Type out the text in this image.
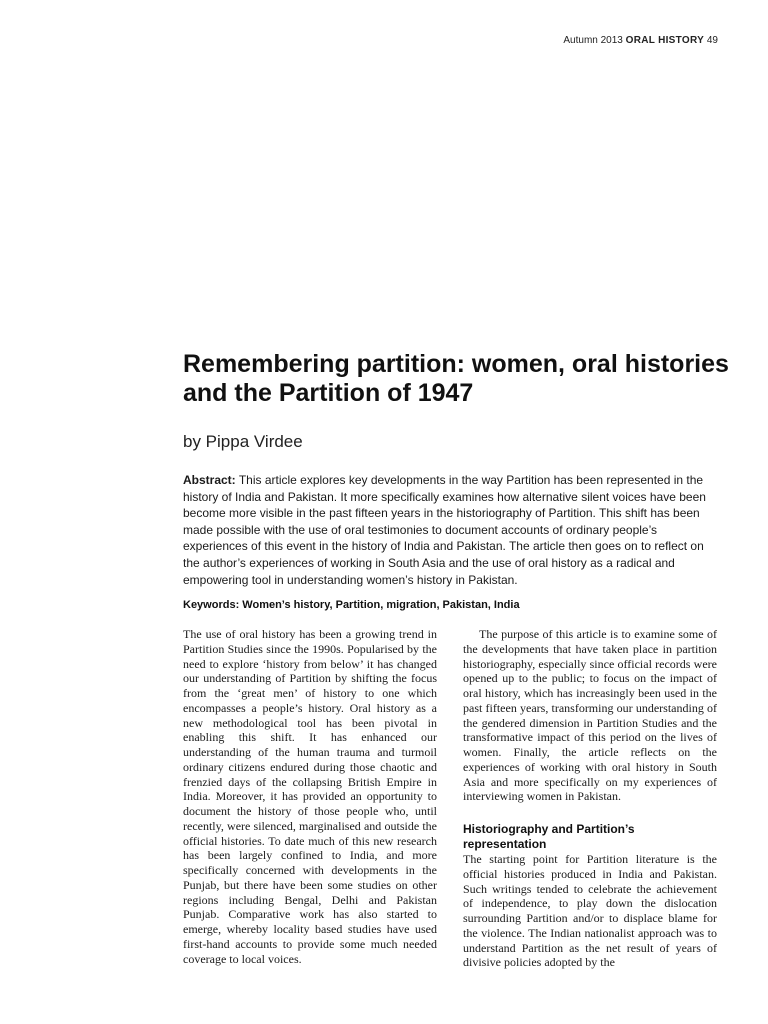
Autumn 2013 ORAL HISTORY 49
Remembering partition: women, oral histories and the Partition of 1947

by Pippa Virdee

Abstract: This article explores key developments in the way Partition has been represented in the history of India and Pakistan. It more specifically examines how alternative silent voices have been become more visible in the past fifteen years in the historiography of Partition. This shift has been made possible with the use of oral testimonies to document accounts of ordinary people’s experiences of this event in the history of India and Pakistan. The article then goes on to reflect on the author’s experiences of working in South Asia and the use of oral history as a radical and empowering tool in understanding women’s history in Pakistan.

Keywords: Women’s history, Partition, migration, Pakistan, India

The use of oral history has been a growing trend in Partition Studies since the 1990s. Popularised by the need to explore ‘history from below’ it has changed our understanding of Partition by shifting the focus from the ‘great men’ of history to one which encompasses a people’s history. Oral history as a new methodological tool has been pivotal in enabling this shift. It has enhanced our understanding of the human trauma and turmoil ordinary citizens endured during those chaotic and frenzied days of the collapsing British Empire in India. Moreover, it has provided an opportunity to document the history of those people who, until recently, were silenced, marginalised and outside the official histories. To date much of this new research has been largely confined to India, and more specifically concerned with developments in the Punjab, but there have been some studies on other regions including Bengal, Delhi and Pakistan Punjab. Comparative work has also started to emerge, whereby locality based studies have used first-hand accounts to provide some much needed coverage to local voices.

The purpose of this article is to examine some of the developments that have taken place in partition historiography, especially since official records were opened up to the public; to focus on the impact of oral history, which has increasingly been used in the past fifteen years, transforming our understanding of the gendered dimension in Partition Studies and the transformative impact of this period on the lives of women. Finally, the article reflects on the experiences of working with oral history in South Asia and more specifically on my experiences of interviewing women in Pakistan.

Historiography and Partition’s representation

The starting point for Partition literature is the official histories produced in India and Pakistan. Such writings tended to celebrate the achievement of independence, to play down the dislocation surrounding Partition and/or to displace blame for the violence. The Indian nationalist approach was to understand Partition as the net result of years of divisive policies adopted by the
